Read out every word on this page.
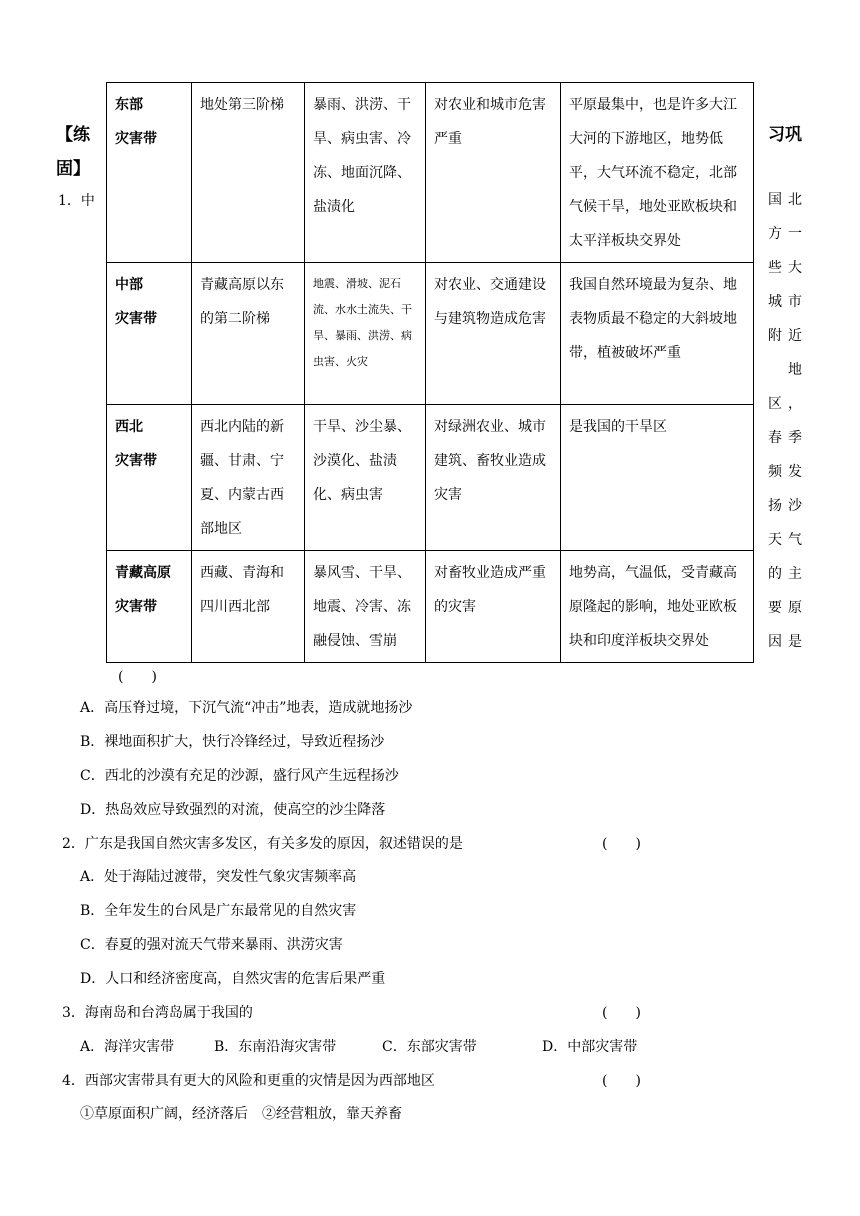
【练
固】
1．中
习巩
国
方
些
城
附

区
春
频
扬
天
的
要
因
北
一
大
市
近
地
，
季
发
沙
气
主
原
是
东部
灾害带	地处第三阶梯	暴雨、洪涝、干旱、病虫害、冷冻、地面沉降、盐渍化	对农业和城市危害严重	平原最集中，也是许多大江大河的下游地区，地势低平，大气环流不稳定，北部气候干旱，地处亚欧板块和太平洋板块交界处
中部
灾害带	青藏高原以东的第二阶梯	地震、滑坡、泥石流、水水土流失、干旱、暴雨、洪涝、病虫害、火灾	对农业、交通建设与建筑物造成危害	我国自然环境最为复杂、地表物质最不稳定的大斜坡地带，植被破坏严重
西北
灾害带	西北内陆的新疆、甘肃、宁夏、内蒙古西部地区	干旱、沙尘暴、沙漠化、盐渍化、病虫害	对绿洲农业、城市建筑、畜牧业造成灾害	是我国的干旱区
青藏高原
灾害带	西藏、青海和四川西北部	暴风雪、干旱、地震、冷害、冻融侵蚀、雪崩	对畜牧业造成严重的灾害	地势高，气温低，受青藏高原隆起的影响，地处亚欧板块和印度洋板块交界处
(　　)
A．高压脊过境，下沉气流“冲击”地表，造成就地扬沙
B．裸地面积扩大，快行冷锋经过，导致近程扬沙
C．西北的沙漠有充足的沙源，盛行风产生远程扬沙
D．热岛效应导致强烈的对流，使高空的沙尘降落
2．广东是我国自然灾害多发区，有关多发的原因，叙述错误的是	(　　)
A．处于海陆过渡带，突发性气象灾害频率高
B．全年发生的台风是广东最常见的自然灾害
C．春夏的强对流天气带来暴雨、洪涝灾害
D．人口和经济密度高，自然灾害的危害后果严重
3．海南岛和台湾岛属于我国的	(　　)
A．海洋灾害带	B．东南沿海灾害带	C．东部灾害带	D．中部灾害带
4．西部灾害带具有更大的风险和更重的灾情是因为西部地区	(　　)
①草原面积广阔，经济落后　②经营粗放，靠天养畜
